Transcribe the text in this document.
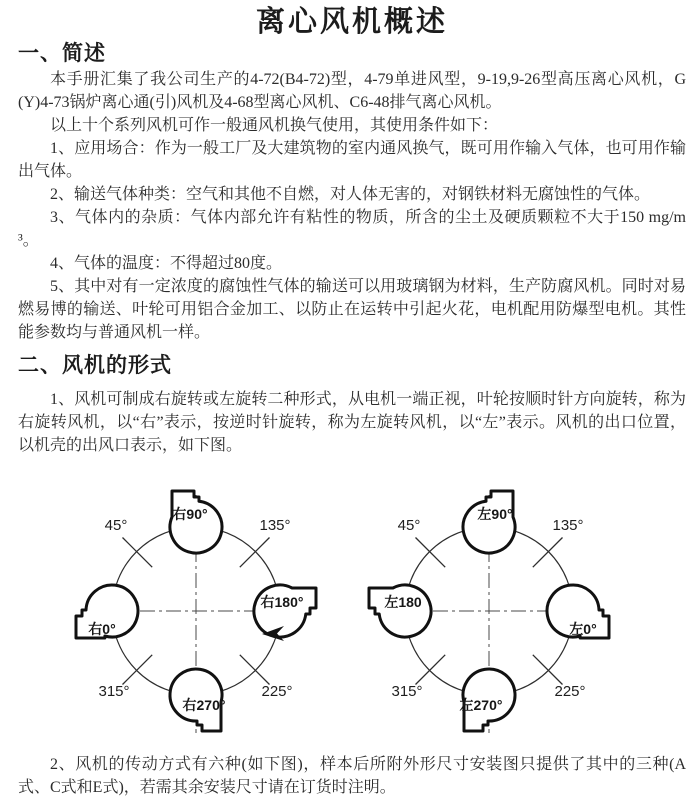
离心风机概述
一、简述

本手册汇集了我公司生产的4-72(B4-72)型，4-79单进风型，9-19,9-26型高压离心风机，G(Y)4-73锅炉离心通(引)风机及4-68型离心风机、C6-48排气离心风机。

以上十个系列风机可作一般通风机换气使用，其使用条件如下：

1、应用场合：作为一般工厂及大建筑物的室内通风换气，既可用作输入气体，也可用作输出气体。

2、输送气体种类：空气和其他不自燃，对人体无害的，对钢铁材料无腐蚀性的气体。

3、气体内的杂质：气体内部允许有粘性的物质，所含的尘土及硬质颗粒不大于150 mg/m³。

4、气体的温度：不得超过80度。

5、其中对有一定浓度的腐蚀性气体的输送可以用玻璃钢为材料，生产防腐风机。同时对易燃易博的输送、叶轮可用铝合金加工、以防止在运转中引起火花，电机配用防爆型电机。其性能参数均与普通风机一样。

二、风机的形式

1、风机可制成右旋转或左旋转二种形式，从电机一端正视，叶轮按顺时针方向旋转，称为右旋转风机，以“右”表示，按逆时针旋转，称为左旋转风机，以“左”表示。风机的出口位置，以机壳的出风口表示，如下图。

45°	135°
315°	225°
右90°
右180°
右270°
右0°
45°	135°
315°	225°
左90°
左0°
左270°
左180

2、风机的传动方式有六种(如下图)，样本后所附外形尺寸安装图只提供了其中的三种(A式、C式和E式)，若需其余安装尺寸请在订货时注明。
